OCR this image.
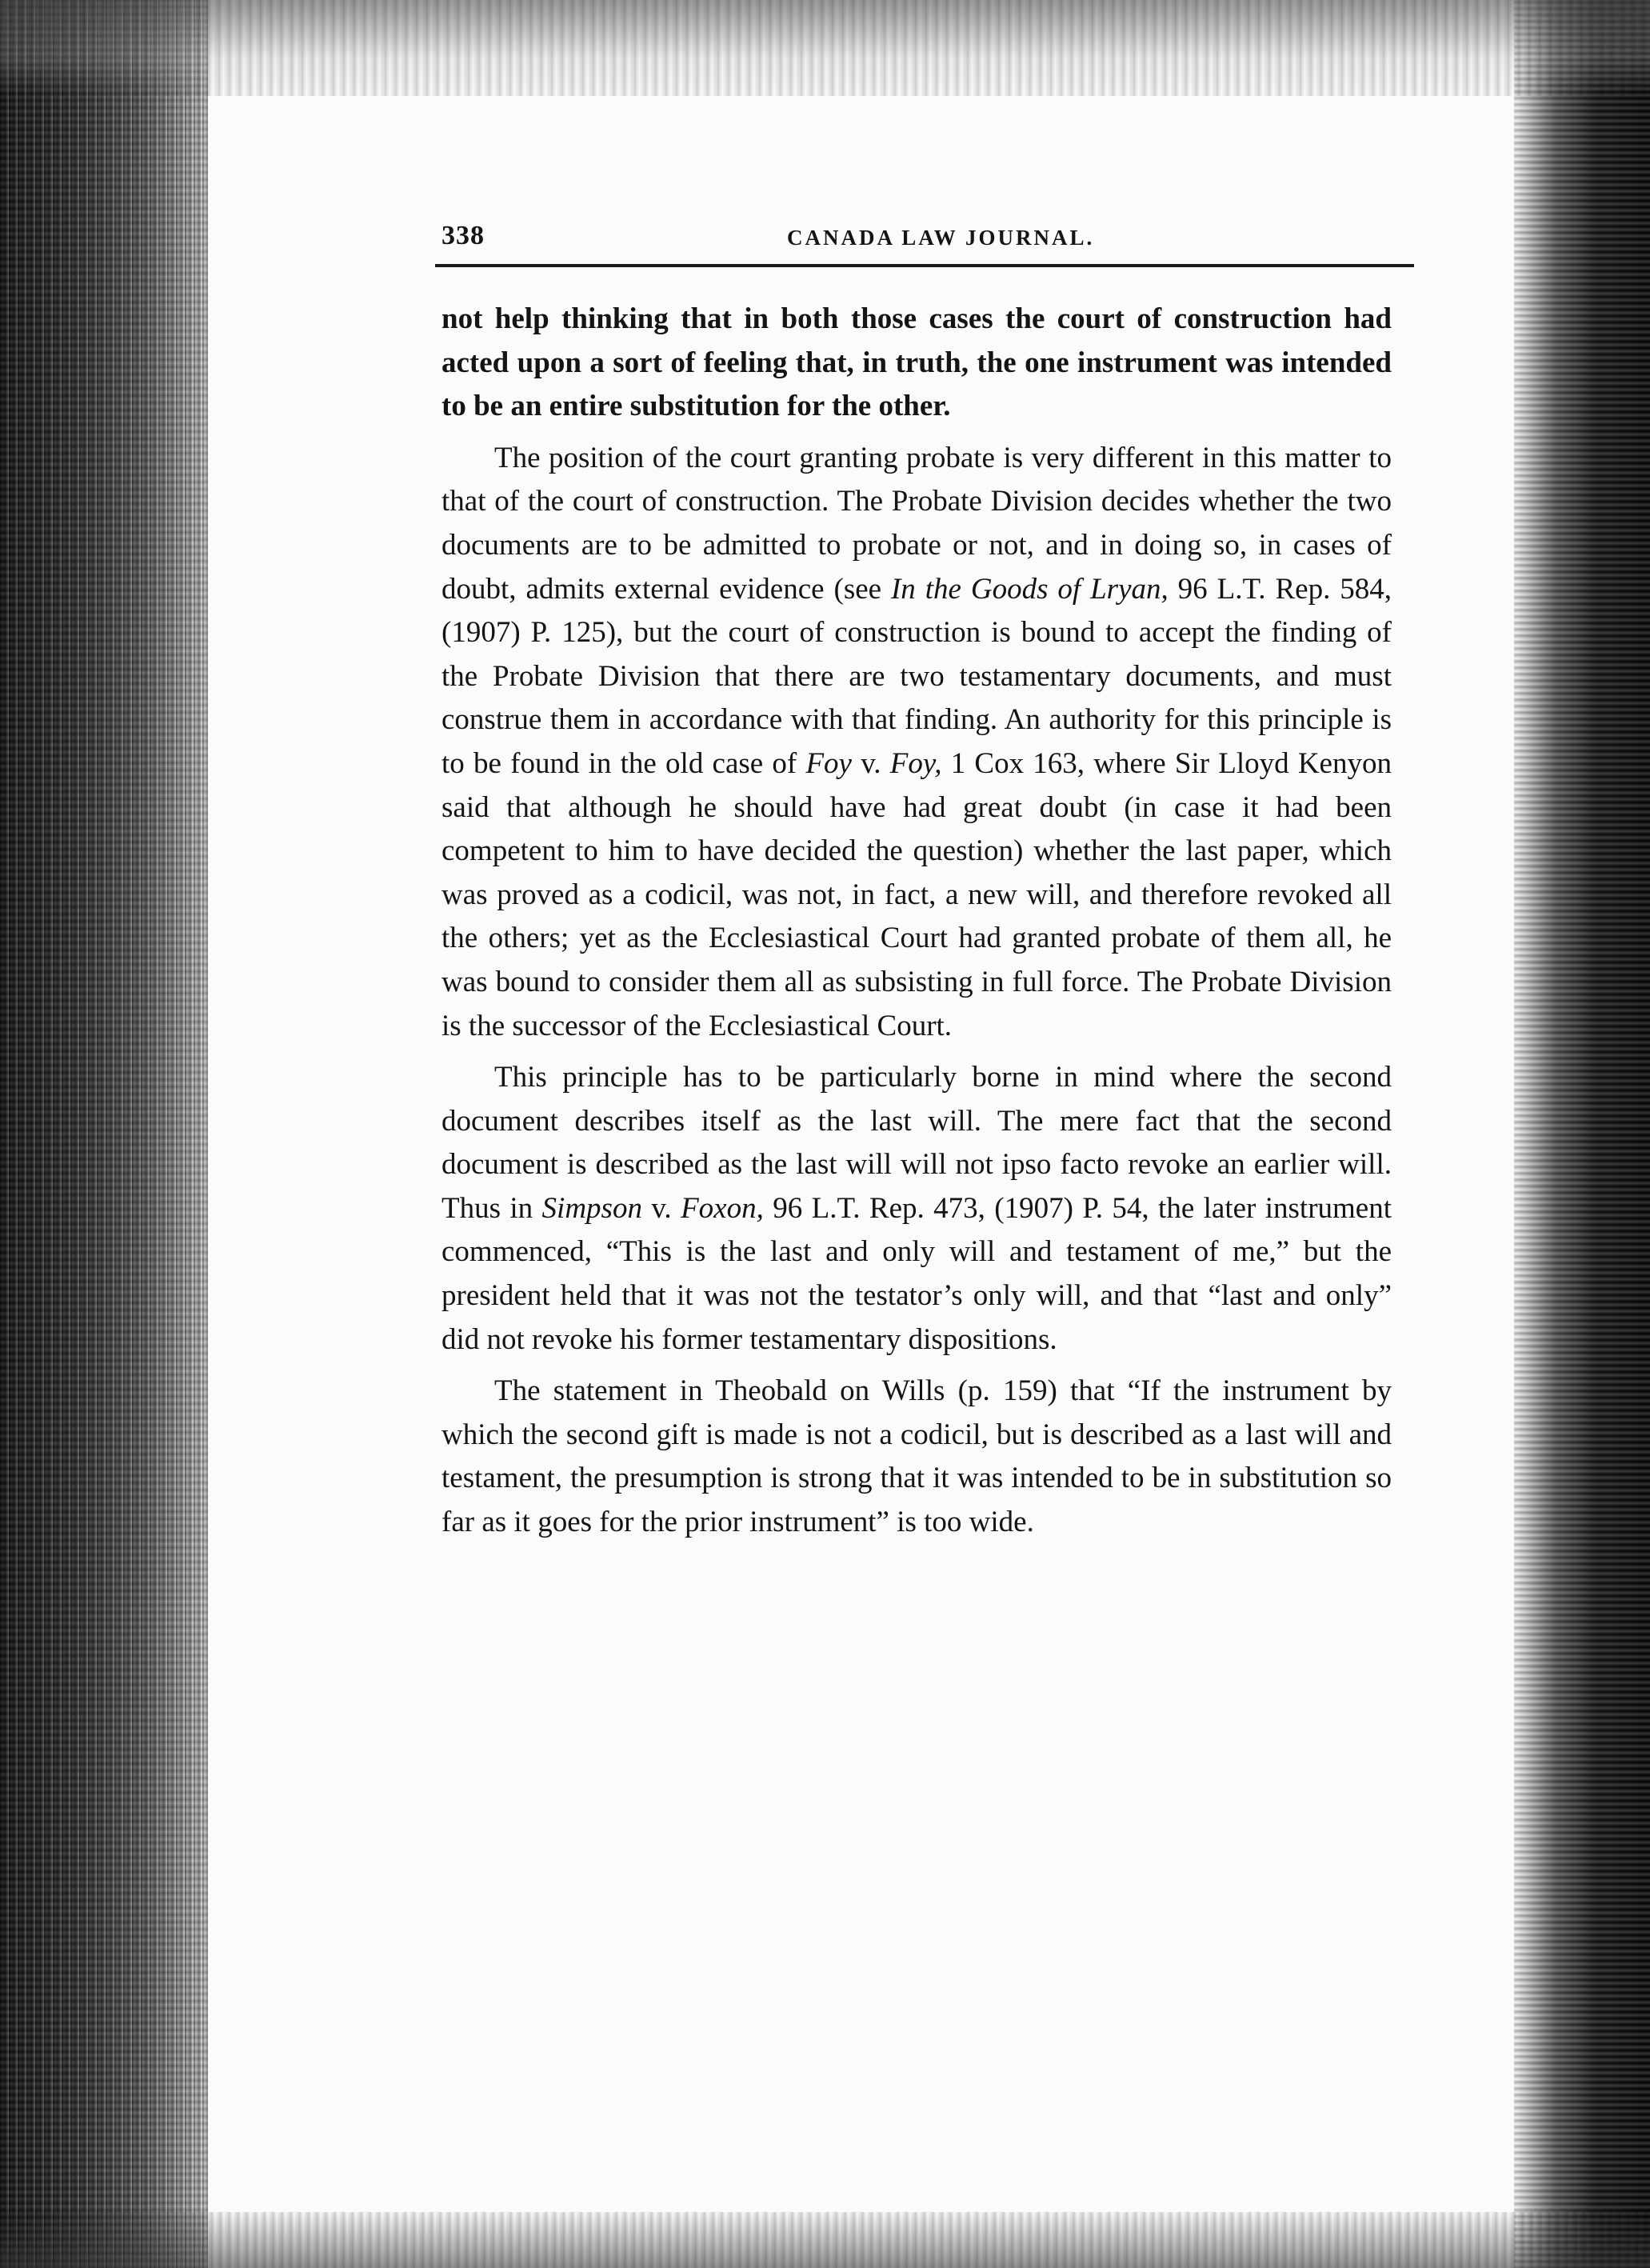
338	CANADA LAW JOURNAL.

not help thinking that in both those cases the court of construction had acted upon a sort of feeling that, in truth, the one instrument was intended to be an entire substitution for the other.

The position of the court granting probate is very different in this matter to that of the court of construction. The Probate Division decides whether the two documents are to be admitted to probate or not, and in doing so, in cases of doubt, admits external evidence (see In the Goods of Lryan, 96 L.T. Rep. 584, (1907) P. 125), but the court of construction is bound to accept the finding of the Probate Division that there are two testamentary documents, and must construe them in accordance with that finding. An authority for this principle is to be found in the old case of Foy v. Foy, 1 Cox 163, where Sir Lloyd Kenyon said that although he should have had great doubt (in case it had been competent to him to have decided the question) whether the last paper, which was proved as a codicil, was not, in fact, a new will, and therefore revoked all the others; yet as the Ecclesiastical Court had granted probate of them all, he was bound to consider them all as subsisting in full force. The Probate Division is the successor of the Ecclesiastical Court.

This principle has to be particularly borne in mind where the second document describes itself as the last will. The mere fact that the second document is described as the last will will not ipso facto revoke an earlier will. Thus in Simpson v. Foxon, 96 L.T. Rep. 473, (1907) P. 54, the later instrument commenced, “This is the last and only will and testament of me,” but the president held that it was not the testator’s only will, and that “last and only” did not revoke his former testamentary dispositions.

The statement in Theobald on Wills (p. 159) that “If the instrument by which the second gift is made is not a codicil, but is described as a last will and testament, the presumption is strong that it was intended to be in substitution so far as it goes for the prior instrument” is too wide.
